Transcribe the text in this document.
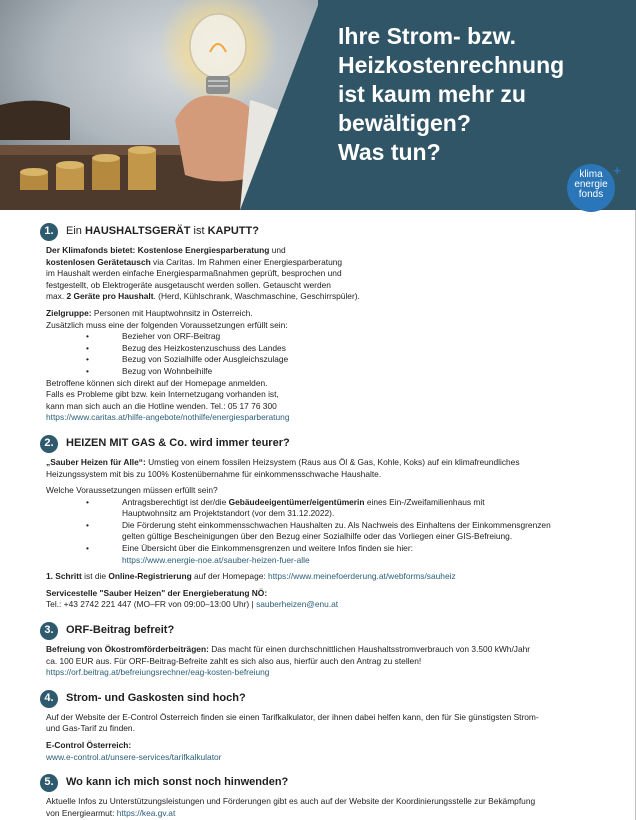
Ihre Strom- bzw.
Heizkostenrechnung
ist kaum mehr zu
bewältigen?
Was tun?
klima
energie
fonds
+
1.	Ein HAUSHALTSGERÄT ist KAPUTT?

Der Klimafonds bietet: Kostenlose Energiesparberatung und

kostenlosen Gerätetausch via Caritas. Im Rahmen einer Energiesparberatung

im Haushalt werden einfache Energiesparmaßnahmen geprüft, besprochen und

festgestellt, ob Elektrogeräte ausgetauscht werden sollen. Getauscht werden

max. 2 Geräte pro Haushalt. (Herd, Kühlschrank, Waschmaschine, Geschirrspüler).

Zielgruppe: Personen mit Hauptwohnsitz in Österreich.

Zusätzlich muss eine der folgenden Voraussetzungen erfüllt sein:

• Bezieher von ORF-Beitrag

• Bezug des Heizkostenzuschuss des Landes

• Bezug von Sozialhilfe oder Ausgleichszulage

• Bezug von Wohnbeihilfe

Betroffene können sich direkt auf der Homepage anmelden.

Falls es Probleme gibt bzw. kein Internetzugang vorhanden ist,

kann man sich auch an die Hotline wenden. Tel.: 05 17 76 300

https://www.caritas.at/hilfe-angebote/nothilfe/energiesparberatung

2.	HEIZEN MIT GAS & Co. wird immer teurer?

„Sauber Heizen für Alle“: Umstieg von einem fossilen Heizsystem (Raus aus Öl & Gas, Kohle, Koks) auf ein klimafreundliches

Heizungssystem mit bis zu 100% Kostenübernahme für einkommensschwache Haushalte.

Welche Voraussetzungen müssen erfüllt sein?

• Antragsberechtigt ist der/die Gebäudeeigentümer/eigentümerin eines Ein-/Zweifamilienhaus mit

Hauptwohnsitz am Projektstandort (vor dem 31.12.2022).

• Die Förderung steht einkommensschwachen Haushalten zu. Als Nachweis des Einhaltens der Einkommensgrenzen

gelten gültige Bescheinigungen über den Bezug einer Sozialhilfe oder das Vorliegen einer GIS-Befreiung.

• Eine Übersicht über die Einkommensgrenzen und weitere Infos finden sie hier:

https://www.energie-noe.at/sauber-heizen-fuer-alle

1. Schritt ist die Online-Registrierung auf der Homepage: https://www.meinefoerderung.at/webforms/sauheiz

Servicestelle "Sauber Heizen" der Energieberatung NÖ:

Tel.: +43 2742 221 447 (MO–FR von 09:00–13:00 Uhr) | sauberheizen@enu.at

3.	ORF-Beitrag befreit?

Befreiung von Ökostromförderbeiträgen: Das macht für einen durchschnittlichen Haushaltsstromverbrauch von 3.500 kWh/Jahr

ca. 100 EUR aus. Für ORF-Beitrag-Befreite zahlt es sich also aus, hierfür auch den Antrag zu stellen!

https://orf.beitrag.at/befreiungsrechner/eag-kosten-befreiung

4.	Strom- und Gaskosten sind hoch?

Auf der Website der E-Control Österreich finden sie einen Tarifkalkulator, der ihnen dabei helfen kann, den für Sie günstigsten Strom-

und Gas-Tarif zu finden.

E-Control Österreich:

www.e-control.at/unsere-services/tarifkalkulator

5.	Wo kann ich mich sonst noch hinwenden?

Aktuelle Infos zu Unterstützungsleistungen und Förderungen gibt es auch auf der Website der Koordinierungsstelle zur Bekämpfung

von Energiearmut: https://kea.gv.at
